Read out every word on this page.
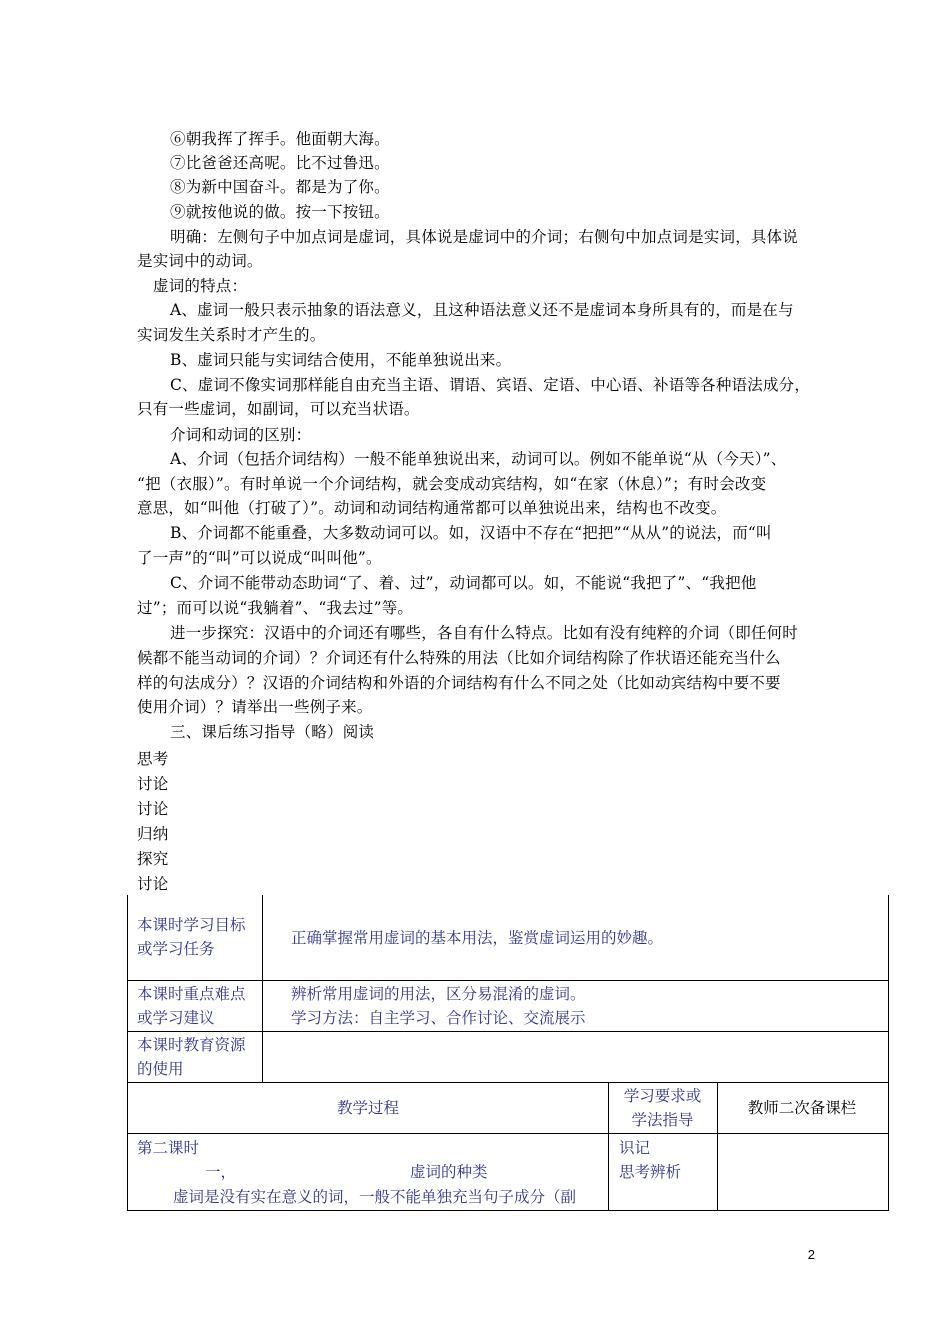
⑥朝我挥了挥手。他面朝大海。
⑦比爸爸还高呢。比不过鲁迅。
⑧为新中国奋斗。都是为了你。
⑨就按他说的做。按一下按钮。
明确：左侧句子中加点词是虚词，具体说是虚词中的介词；右侧句中加点词是实词，具体说
是实词中的动词。
虚词的特点：
A、虚词一般只表示抽象的语法意义，且这种语法意义还不是虚词本身所具有的，而是在与
实词发生关系时才产生的。
B、虚词只能与实词结合使用，不能单独说出来。
C、虚词不像实词那样能自由充当主语、谓语、宾语、定语、中心语、补语等各种语法成分，
只有一些虚词，如副词，可以充当状语。
介词和动词的区别：
A、介词（包括介词结构）一般不能单独说出来，动词可以。例如不能单说“从（今天）”、
“把（衣服）”。有时单说一个介词结构，就会变成动宾结构，如“在家（休息）”；有时会改变
意思，如“叫他（打破了）”。动词和动词结构通常都可以单独说出来，结构也不改变。
B、介词都不能重叠，大多数动词可以。如，汉语中不存在“把把”“从从”的说法，而“叫
了一声”的“叫”可以说成“叫叫他”。
C、介词不能带动态助词“了、着、过”，动词都可以。如，不能说“我把了”、“我把他
过”；而可以说“我躺着”、“我去过”等。
进一步探究：汉语中的介词还有哪些，各自有什么特点。比如有没有纯粹的介词（即任何时
候都不能当动词的介词）？介词还有什么特殊的用法（比如介词结构除了作状语还能充当什么
样的句法成分）？汉语的介词结构和外语的介词结构有什么不同之处（比如动宾结构中要不要
使用介词）？请举出一些例子来。
三、课后练习指导（略）阅读
思考
讨论
讨论
归纳
探究
讨论
本课时学习目标
或学习任务
正确掌握常用虚词的基本用法，鉴赏虚词运用的妙趣。
本课时重点难点
或学习建议
辨析常用虚词的用法，区分易混淆的虚词。
学习方法：自主学习、合作讨论、交流展示
本课时教育资源
的使用
教学过程
学习要求或
学法指导
教师二次备课栏
第二课时
一，	虚词的种类
虚词是没有实在意义的词，一般不能单独充当句子成分（副
识记
思考辨析
2
